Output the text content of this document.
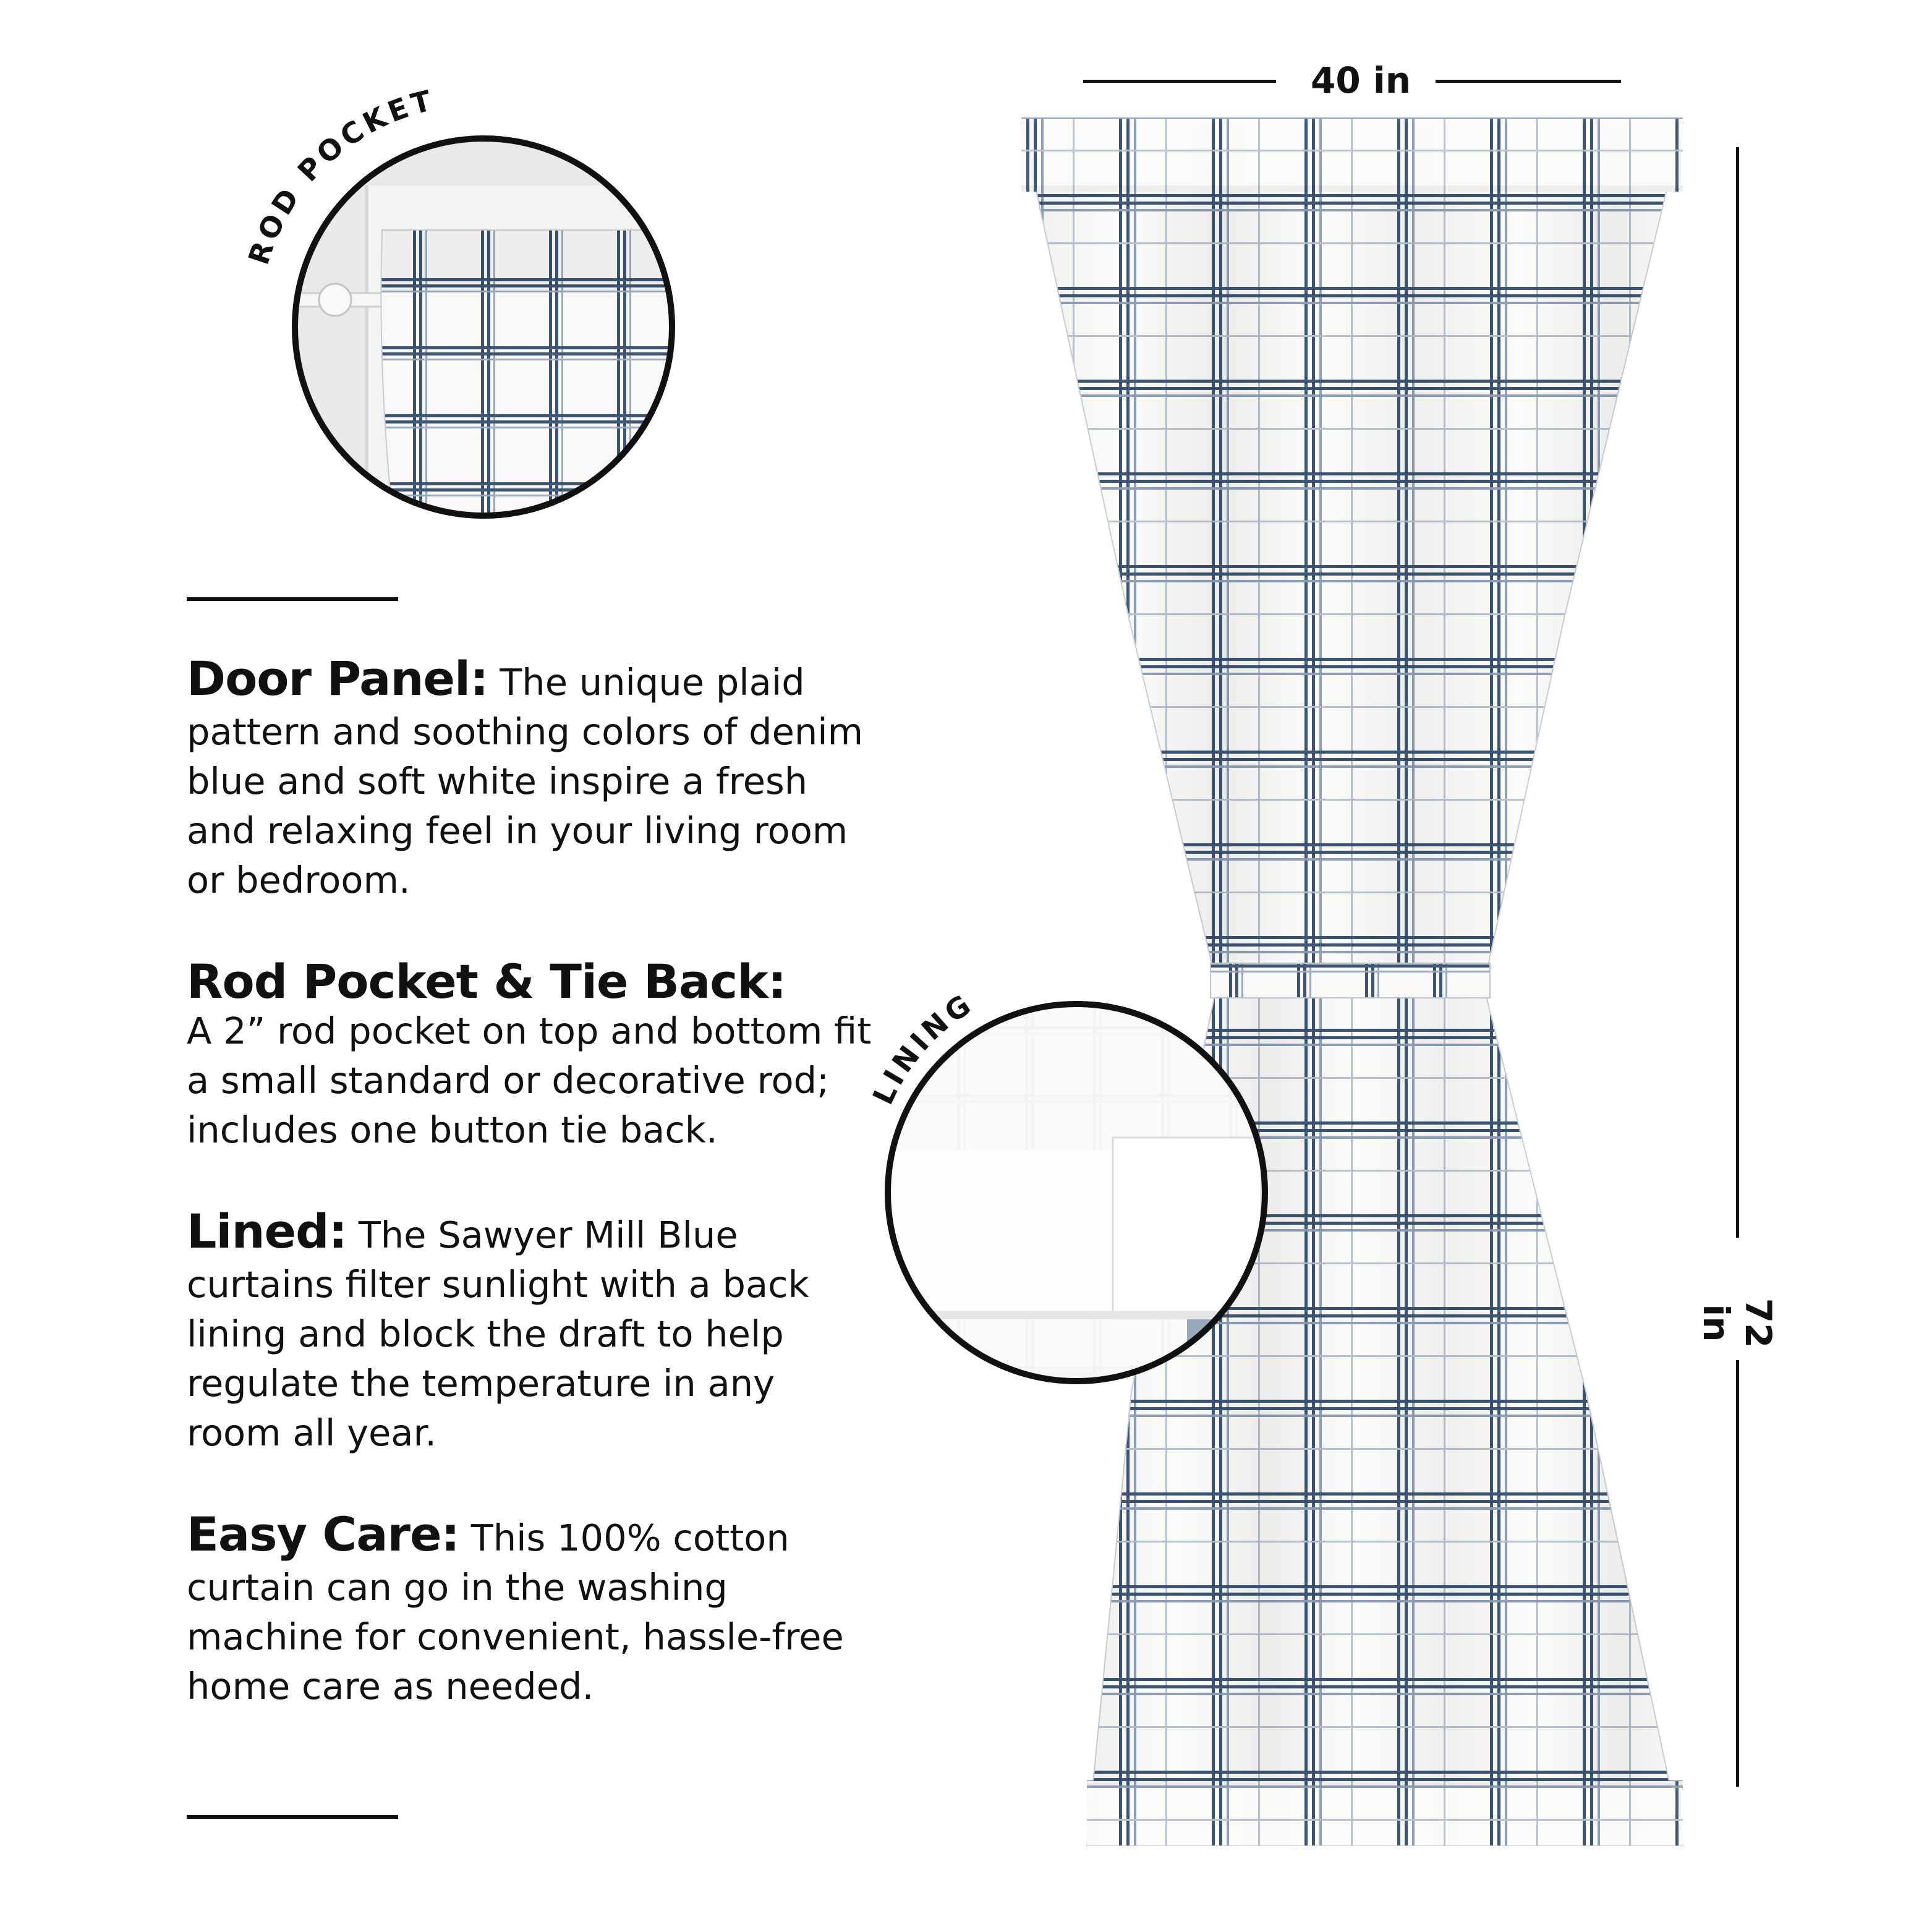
ROD POCKET
LINING
40 in
72 in

Door Panel: The unique plaid pattern and soothing colors of denim blue and soft white inspire a fresh and relaxing feel in your living room or bedroom.

Rod Pocket & Tie Back:
A 2” rod pocket on top and bottom fit a small standard or decorative rod; includes one button tie back.

Lined: The Sawyer Mill Blue curtains filter sunlight with a back lining and block the draft to help regulate the temperature in any room all year.

Easy Care: This 100% cotton curtain can go in the washing machine for convenient, hassle-free home care as needed.
